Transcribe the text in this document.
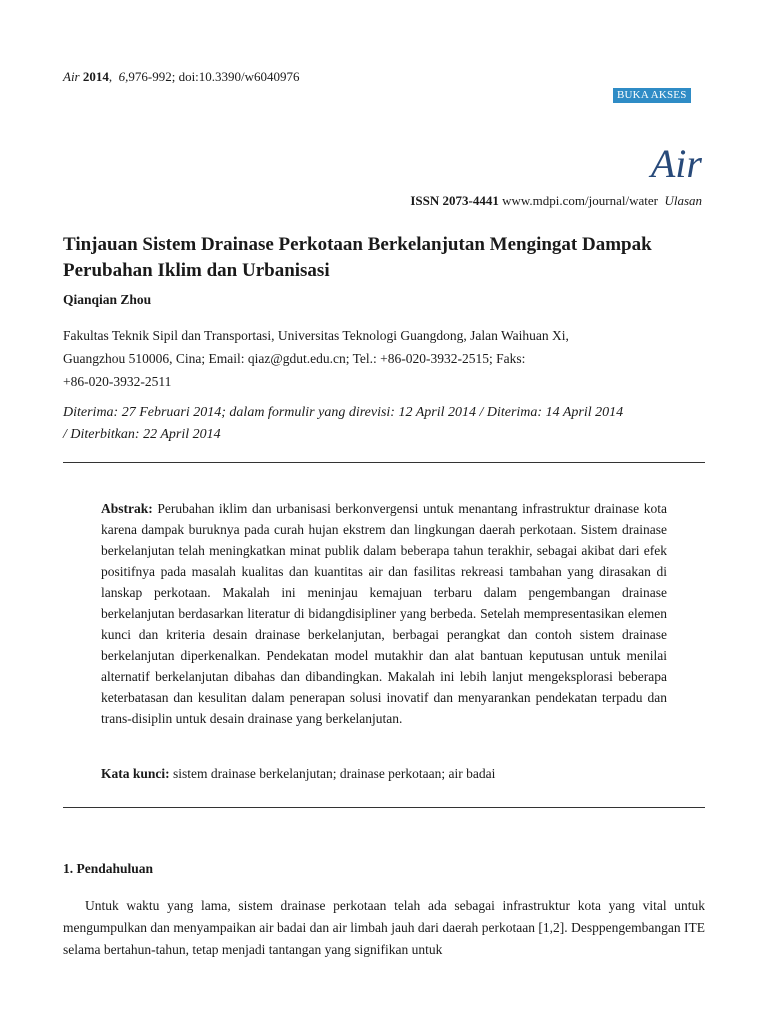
Air 2014,  6,976-992; doi:10.3390/w6040976
BUKA AKSES
Air
ISSN 2073-4441 www.mdpi.com/journal/water Ulasan
Tinjauan Sistem Drainase Perkotaan Berkelanjutan Mengingat Dampak Perubahan Iklim dan Urbanisasi
Qianqian Zhou

Fakultas Teknik Sipil dan Transportasi, Universitas Teknologi Guangdong, Jalan Waihuan Xi,

Guangzhou 510006, Cina; Email: qiaz@gdut.edu.cn; Tel.: +86-020-3932-2515; Faks:

+86-020-3932-2511

Diterima: 27 Februari 2014; dalam formulir yang direvisi: 12 April 2014 / Diterima: 14 April 2014

/ Diterbitkan: 22 April 2014

Abstrak: Perubahan iklim dan urbanisasi berkonvergensi untuk menantang infrastruktur drainase kota karena dampak buruknya pada curah hujan ekstrem dan lingkungan daerah perkotaan. Sistem drainase berkelanjutan telah meningkatkan minat publik dalam beberapa tahun terakhir, sebagai akibat dari efek positifnya pada masalah kualitas dan kuantitas air dan fasilitas rekreasi tambahan yang dirasakan di lanskap perkotaan. Makalah ini meninjau kemajuan terbaru dalam pengembangan drainase berkelanjutan berdasarkan literatur di bidangdisipliner yang berbeda. Setelah mempresentasikan elemen kunci dan kriteria desain drainase berkelanjutan, berbagai perangkat dan contoh sistem drainase berkelanjutan diperkenalkan. Pendekatan model mutakhir dan alat bantuan keputusan untuk menilai alternatif berkelanjutan dibahas dan dibandingkan. Makalah ini lebih lanjut mengeksplorasi beberapa keterbatasan dan kesulitan dalam penerapan solusi inovatif dan menyarankan pendekatan terpadu dan trans-disiplin untuk desain drainase yang berkelanjutan.

Kata kunci: sistem drainase berkelanjutan; drainase perkotaan; air badai
1. Pendahuluan

Untuk waktu yang lama, sistem drainase perkotaan telah ada sebagai infrastruktur kota yang vital untuk mengumpulkan dan menyampaikan air badai dan air limbah jauh dari daerah perkotaan [1,2]. Desppengembangan ITE selama bertahun-tahun, tetap menjadi tantangan yang signifikan untuk
